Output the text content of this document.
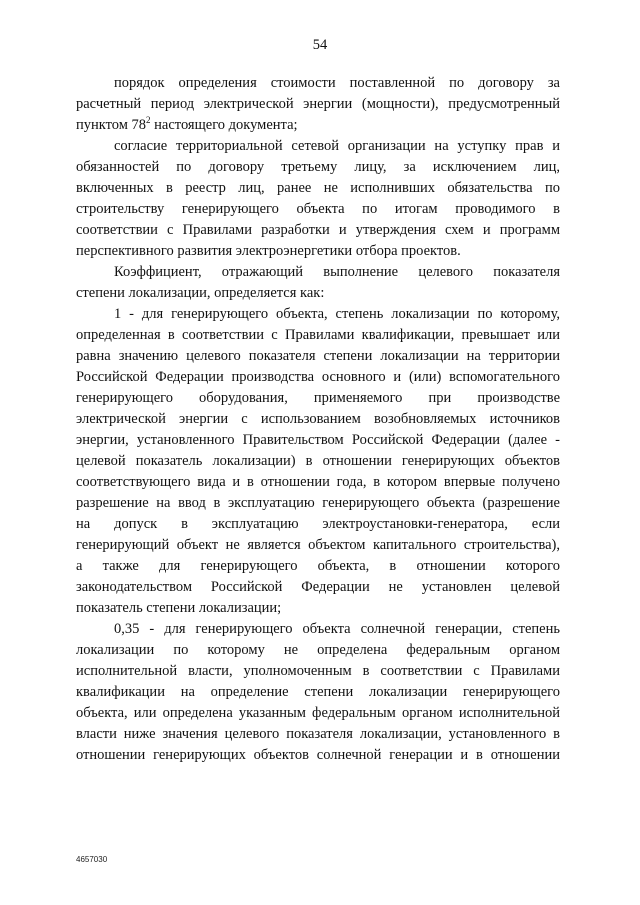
54
порядок определения стоимости поставленной по договору за
расчетный период электрической энергии (мощности), предусмотренный
пунктом $78^2$ настоящего документа;
согласие территориальной сетевой организации на уступку прав и
обязанностей по договору третьему лицу, за исключением лиц,
включенных в реестр лиц, ранее не исполнивших обязательства по
строительству генерирующего объекта по итогам проводимого в
соответствии с Правилами разработки и утверждения схем и программ
перспективного развития электроэнергетики отбора проектов.
Коэффициент, отражающий выполнение целевого показателя
степени локализации, определяется как:
1 - для генерирующего объекта, степень локализации по которому,
определенная в соответствии с Правилами квалификации, превышает или
равна значению целевого показателя степени локализации на территории
Российской Федерации производства основного и (или) вспомогательного
генерирующего оборудования, применяемого при производстве
электрической энергии с использованием возобновляемых источников
энергии, установленного Правительством Российской Федерации (далее -
целевой показатель локализации) в отношении генерирующих объектов
соответствующего вида и в отношении года, в котором впервые получено
разрешение на ввод в эксплуатацию генерирующего объекта (разрешение
на допуск в эксплуатацию электроустановки-генератора, если
генерирующий объект не является объектом капитального строительства),
а также для генерирующего объекта, в отношении которого
законодательством Российской Федерации не установлен целевой
показатель степени локализации;
0,35 - для генерирующего объекта солнечной генерации, степень
локализации по которому не определена федеральным органом
исполнительной власти, уполномоченным в соответствии с Правилами
квалификации на определение степени локализации генерирующего
объекта, или определена указанным федеральным органом исполнительной
власти ниже значения целевого показателя локализации, установленного в
отношении генерирующих объектов солнечной генерации и в отношении
4657030
